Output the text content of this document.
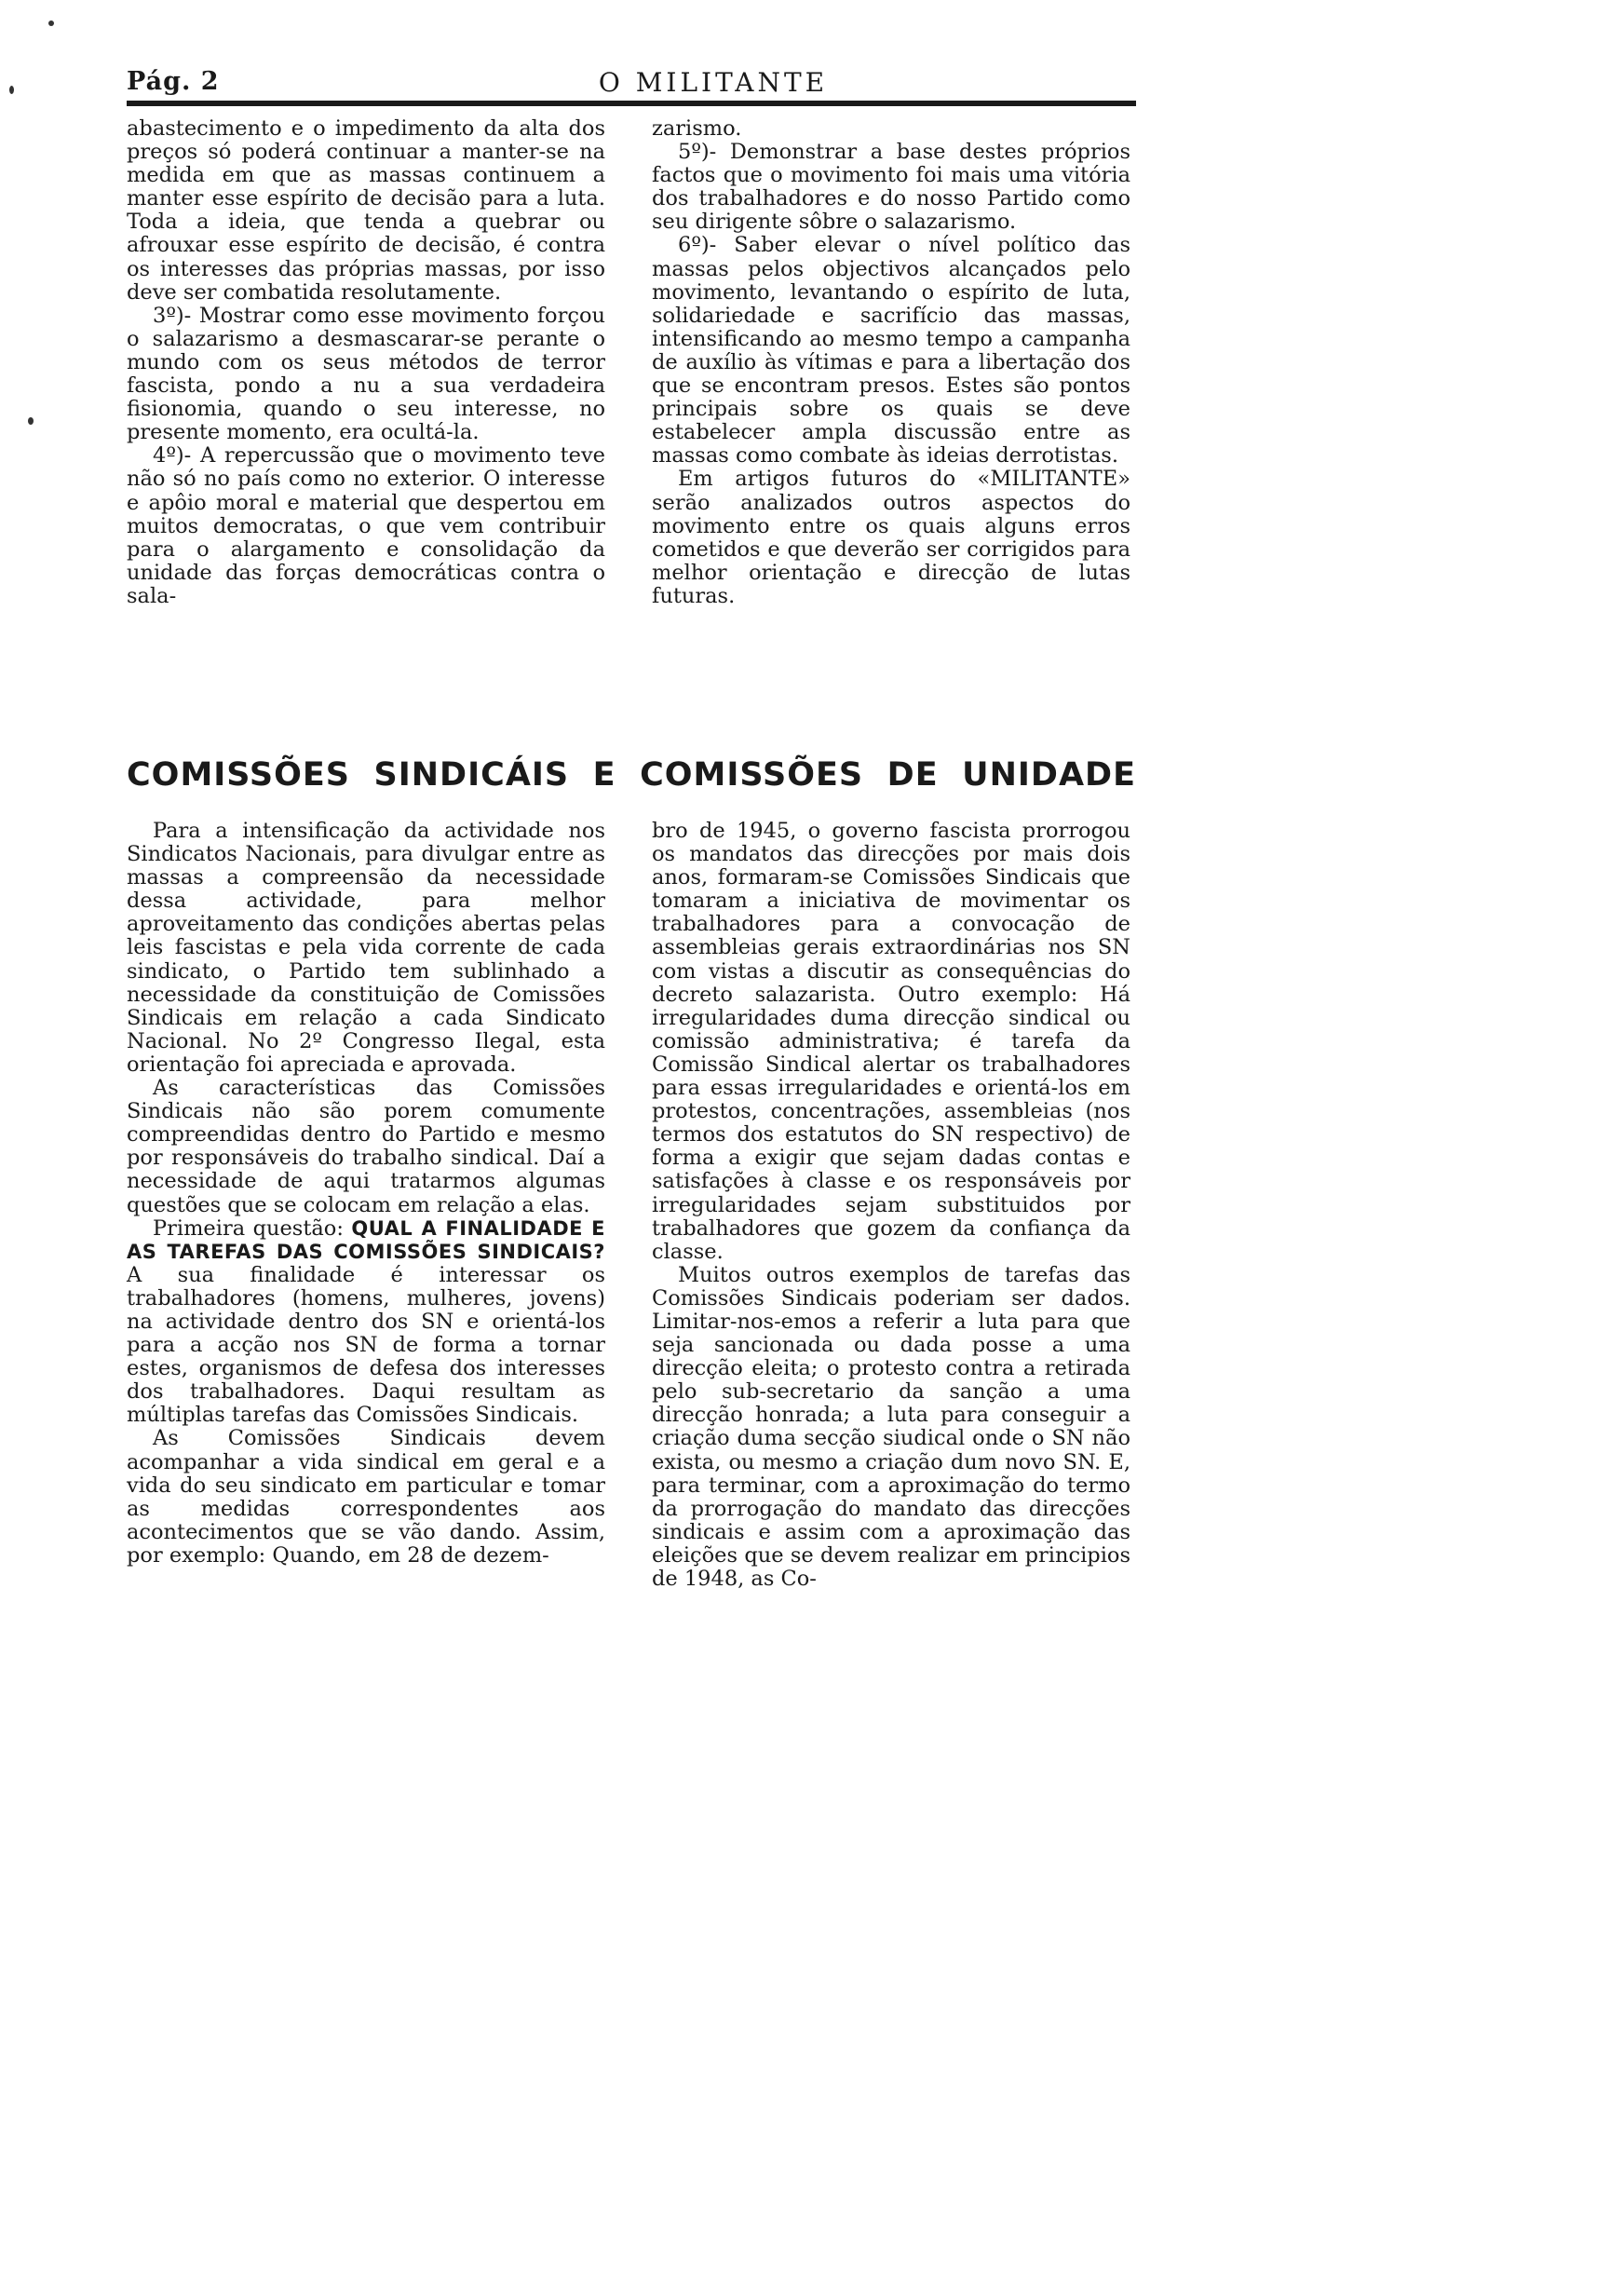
Pág. 2	O MILITANTE

abastecimento e o impedimento da alta dos preços só poderá continuar a manter-se na medida em que as massas continuem a manter esse espírito de decisão para a luta. Toda a ideia, que tenda a quebrar ou afrouxar esse espírito de decisão, é contra os interesses das próprias massas, por isso deve ser combatida resolutamente.

3º)- Mostrar como esse movimento forçou o salazarismo a desmascarar-se perante o mundo com os seus métodos de terror fascista, pondo a nu a sua verdadeira fisionomia, quando o seu interesse, no presente momento, era ocultá-la.

4º)- A repercussão que o movimento teve não só no país como no exterior. O interesse e apôio moral e material que despertou em muitos democratas, o que vem contribuir para o alargamento e consolidação da unidade das forças democráticas contra o sala-

zarismo.

5º)- Demonstrar a base destes próprios factos que o movimento foi mais uma vitória dos trabalhadores e do nosso Partido como seu dirigente sôbre o salazarismo.

6º)- Saber elevar o nível político das massas pelos objectivos alcançados pelo movimento, levantando o espírito de luta, solidariedade e sacrifício das massas, intensificando ao mesmo tempo a campanha de auxílio às vítimas e para a libertação dos que se encontram presos. Estes são pontos principais sobre os quais se deve estabelecer ampla discussão entre as massas como combate às ideias derrotistas.

Em artigos futuros do «MILITANTE» serão analizados outros aspectos do movimento entre os quais alguns erros cometidos e que deverão ser corrigidos para melhor orientação e direcção de lutas futuras.

COMISSÕES SINDICÁIS E COMISSÕES DE UNIDADE

Para a intensificação da actividade nos Sindicatos Nacionais, para divulgar entre as massas a compreensão da necessidade dessa actividade, para melhor aproveitamento das condições abertas pelas leis fascistas e pela vida corrente de cada sindicato, o Partido tem sublinhado a necessidade da constituição de Comissões Sindicais em relação a cada Sindicato Nacional. No 2º Congresso Ilegal, esta orientação foi apreciada e aprovada.

As características das Comissões Sindicais não são porem comumente compreendidas dentro do Partido e mesmo por responsáveis do trabalho sindical. Daí a necessidade de aqui tratarmos algumas questões que se colocam em relação a elas.

Primeira questão: QUAL A FINALIDADE E AS TAREFAS DAS COMISSÕES SINDICAIS? A sua finalidade é interessar os trabalhadores (homens, mulheres, jovens) na actividade dentro dos SN e orientá-los para a acção nos SN de forma a tornar estes, organismos de defesa dos interesses dos trabalhadores. Daqui resultam as múltiplas tarefas das Comissões Sindicais.

As Comissões Sindicais devem acompanhar a vida sindical em geral e a vida do seu sindicato em particular e tomar as medidas correspondentes aos acontecimentos que se vão dando. Assim, por exemplo: Quando, em 28 de dezem-

bro de 1945, o governo fascista prorrogou os mandatos das direcções por mais dois anos, formaram-se Comissões Sindicais que tomaram a iniciativa de movimentar os trabalhadores para a convocação de assembleias gerais extraordinárias nos SN com vistas a discutir as consequências do decreto salazarista. Outro exemplo: Há irregularidades duma direcção sindical ou comissão administrativa; é tarefa da Comissão Sindical alertar os trabalhadores para essas irregularidades e orientá-los em protestos, concentrações, assembleias (nos termos dos estatutos do SN respectivo) de forma a exigir que sejam dadas contas e satisfações à classe e os responsáveis por irregularidades sejam substituidos por trabalhadores que gozem da confiança da classe.

Muitos outros exemplos de tarefas das Comissões Sindicais poderiam ser dados. Limitar-nos-emos a referir a luta para que seja sancionada ou dada posse a uma direcção eleita; o protesto contra a retirada pelo sub-secretario da sanção a uma direcção honrada; a luta para conseguir a criação duma secção siudical onde o SN não exista, ou mesmo a criação dum novo SN. E, para terminar, com a aproximação do termo da prorrogação do mandato das direcções sindicais e assim com a aproximação das eleições que se devem realizar em principios de 1948, as Co-
